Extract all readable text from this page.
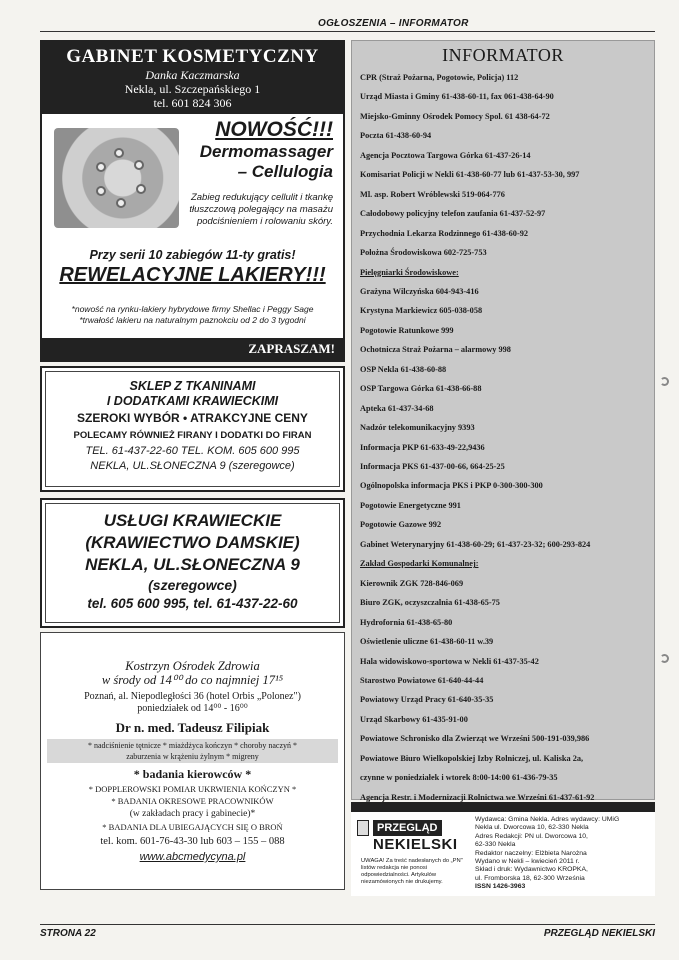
OGŁOSZENIA – INFORMATOR
GABINET KOSMETYCZNY
Danka Kaczmarska
Nekla, ul. Szczepańskiego 1
tel. 601 824 306
NOWOŚĆ!!!
Dermomassager
– Cellulogia
Zabieg redukujący cellulit i tkankę tłuszczową polegający na masażu podciśnieniem i rolowaniu skóry.
Przy serii 10 zabiegów 11-ty gratis!
REWELACYJNE LAKIERY!!!
*nowość na rynku-lakiery hybrydowe firmy Shellac i Peggy Sage
*trwałość lakieru na naturalnym paznokciu od 2 do 3 tygodni
ZAPRASZAM!
SKLEP Z TKANINAMI
I DODATKAMI KRAWIECKIMI
SZEROKI WYBÓR • ATRAKCYJNE CENY
POLECAMY RÓWNIEŻ FIRANY I DODATKI DO FIRAN
TEL. 61-437-22-60 TEL. KOM. 605 600 995
NEKLA, UL.SŁONECZNA 9 (szeregowce)
USŁUGI KRAWIECKIE
(KRAWIECTWO DAMSKIE)
NEKLA, UL.SŁONECZNA 9
(szeregowce)
tel. 605 600 995, tel. 61-437-22-60
Kostrzyn Ośrodek Zdrowia
w środy od 14⁰⁰ do co najmniej 17¹⁵
Poznań, al. Niepodległości 36 (hotel Orbis „Polonez")
poniedziałek od 14⁰⁰ - 16⁰⁰
Dr n. med. Tadeusz Filipiak
* nadciśnienie tętnicze * miażdżyca kończyn * choroby naczyń *
zaburzenia w krążeniu żylnym * migreny
* badania kierowców *
* DOPPLEROWSKI POMIAR UKRWIENIA KOŃCZYN *
* BADANIA OKRESOWE PRACOWNIKÓW
(w zakładach pracy i gabinecie)*
* BADANIA DLA UBIEGAJĄCYCH SIĘ O BROŃ
tel. kom. 601-76-43-30 lub 603 – 155 – 088
www.abcmedycyna.pl
INFORMATOR
CPR (Straż Pożarna, Pogotowie, Policja) 112
Urząd Miasta i Gminy 61-438-60-11, fax 061-438-64-90
Miejsko-Gminny Ośrodek Pomocy Spol. 61 438-64-72
Poczta 61-438-60-94
Agencja Pocztowa Targowa Górka 61-437-26-14
Komisariat Policji w Nekli 61-438-60-77 lub 61-437-53-30, 997
Ml. asp. Robert Wróblewski 519-064-776
Całodobowy policyjny telefon zaufania 61-437-52-97
Przychodnia Lekarza Rodzinnego 61-438-60-92
Położna Środowiskowa 602-725-753
Pielęgniarki Środowiskowe:
Grażyna Wilczyńska 604-943-416
Krystyna Markiewicz 605-038-058
Pogotowie Ratunkowe 999
Ochotnicza Straż Pożarna – alarmowy 998
OSP Nekla 61-438-60-88
OSP Targowa Górka 61-438-66-88
Apteka 61-437-34-68
Nadzór telekomunikacyjny 9393
Informacja PKP 61-633-49-22,9436
Informacja PKS 61-437-00-66, 664-25-25
Ogólnopolska informacja PKS i PKP 0-300-300-300
Pogotowie Energetyczne 991
Pogotowie Gazowe 992
Gabinet Weterynaryjny 61-438-60-29; 61-437-23-32; 600-293-824
Zakład Gospodarki Komunalnej:
Kierownik ZGK 728-846-069
Biuro ZGK, oczyszczalnia 61-438-65-75
Hydrofornia 61-438-65-80
Oświetlenie uliczne 61-438-60-11 w.39
Hala widowiskowo-sportowa w Nekli 61-437-35-42
Starostwo Powiatowe 61-640-44-44
Powiatowy Urząd Pracy 61-640-35-35
Urząd Skarbowy 61-435-91-00
Powiatowe Schronisko dla Zwierząt we Wrześni 500-191-039,986
Powiatowe Biuro Wielkopolskiej Izby Rolniczej, ul. Kaliska 2a,
czynne w poniedziałek i wtorek 8:00-14:00 61-436-79-35
Agencja Restr. i Modernizacji Rolnictwa we Wrześni 61-437-61-92
PRZEGLĄD
NEKIELSKI
UWAGA! Za treść nadesłanych do „PN" listów redakcja nie ponosi odpowiedzialności. Artykułów niezamówionych nie drukujemy.
Wydawca: Gmina Nekla. Adres wydawcy: UMiG
Nekla ul. Dworcowa 10, 62-330 Nekla
Adres Redakcji: PN ul. Dworcowa 10,
62-330 Nekla
Redaktor naczelny: Elżbieta Narożna
Wydano w Nekli – kwiecień 2011 r.
Skład i druk: Wydawnictwo KROPKA,
ul. Fromborska 18, 62-300 Września
ISSN 1426-3963
STRONA 22	PRZEGLĄD NEKIELSKI
